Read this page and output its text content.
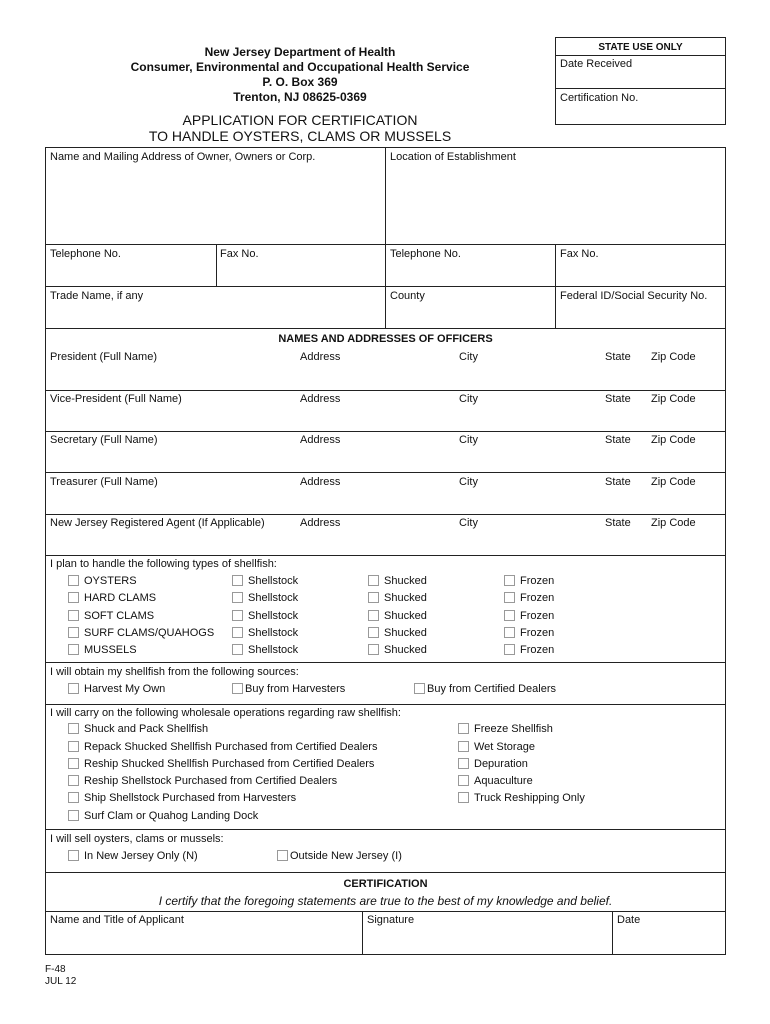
New Jersey Department of Health
Consumer, Environmental and Occupational Health Service
P. O. Box 369
Trenton, NJ 08625-0369
APPLICATION FOR CERTIFICATION
TO HANDLE OYSTERS, CLAMS OR MUSSELS
STATE USE ONLY
Date Received
Certification No.
Name and Mailing Address of Owner, Owners or Corp.	Location of Establishment
Telephone No.	Fax No.	Telephone No.	Fax No.
Trade Name, if any	County	Federal ID/Social Security No.
NAMES AND ADDRESSES OF OFFICERS
President (Full Name)	Address	City	State Zip Code
Vice-President (Full Name)	Address	City	State Zip Code
Secretary (Full Name)	Address	City	State Zip Code
Treasurer (Full Name)	Address	City	State Zip Code
New Jersey Registered Agent (If Applicable)	Address	City	State Zip Code
I plan to handle the following types of shellfish:
OYSTERS	Shellstock	Shucked	Frozen
HARD CLAMS	Shellstock	Shucked	Frozen
SOFT CLAMS	Shellstock	Shucked	Frozen
SURF CLAMS/QUAHOGS	Shellstock	Shucked	Frozen
MUSSELS	Shellstock	Shucked	Frozen
I will obtain my shellfish from the following sources:
Harvest My Own	Buy from Harvesters	Buy from Certified Dealers
I will carry on the following wholesale operations regarding raw shellfish:
Shuck and Pack Shellfish
Repack Shucked Shellfish Purchased from Certified Dealers
Reship Shucked Shellfish Purchased from Certified Dealers
Reship Shellstock Purchased from Certified Dealers
Ship Shellstock Purchased from Harvesters
Surf Clam or Quahog Landing Dock
Freeze Shellfish
Wet Storage
Depuration
Aquaculture
Truck Reshipping Only
I will sell oysters, clams or mussels:
In New Jersey Only (N)	Outside New Jersey (I)
CERTIFICATION
I certify that the foregoing statements are true to the best of my knowledge and belief.
Name and Title of Applicant	Signature	Date
F-48
JUL 12
